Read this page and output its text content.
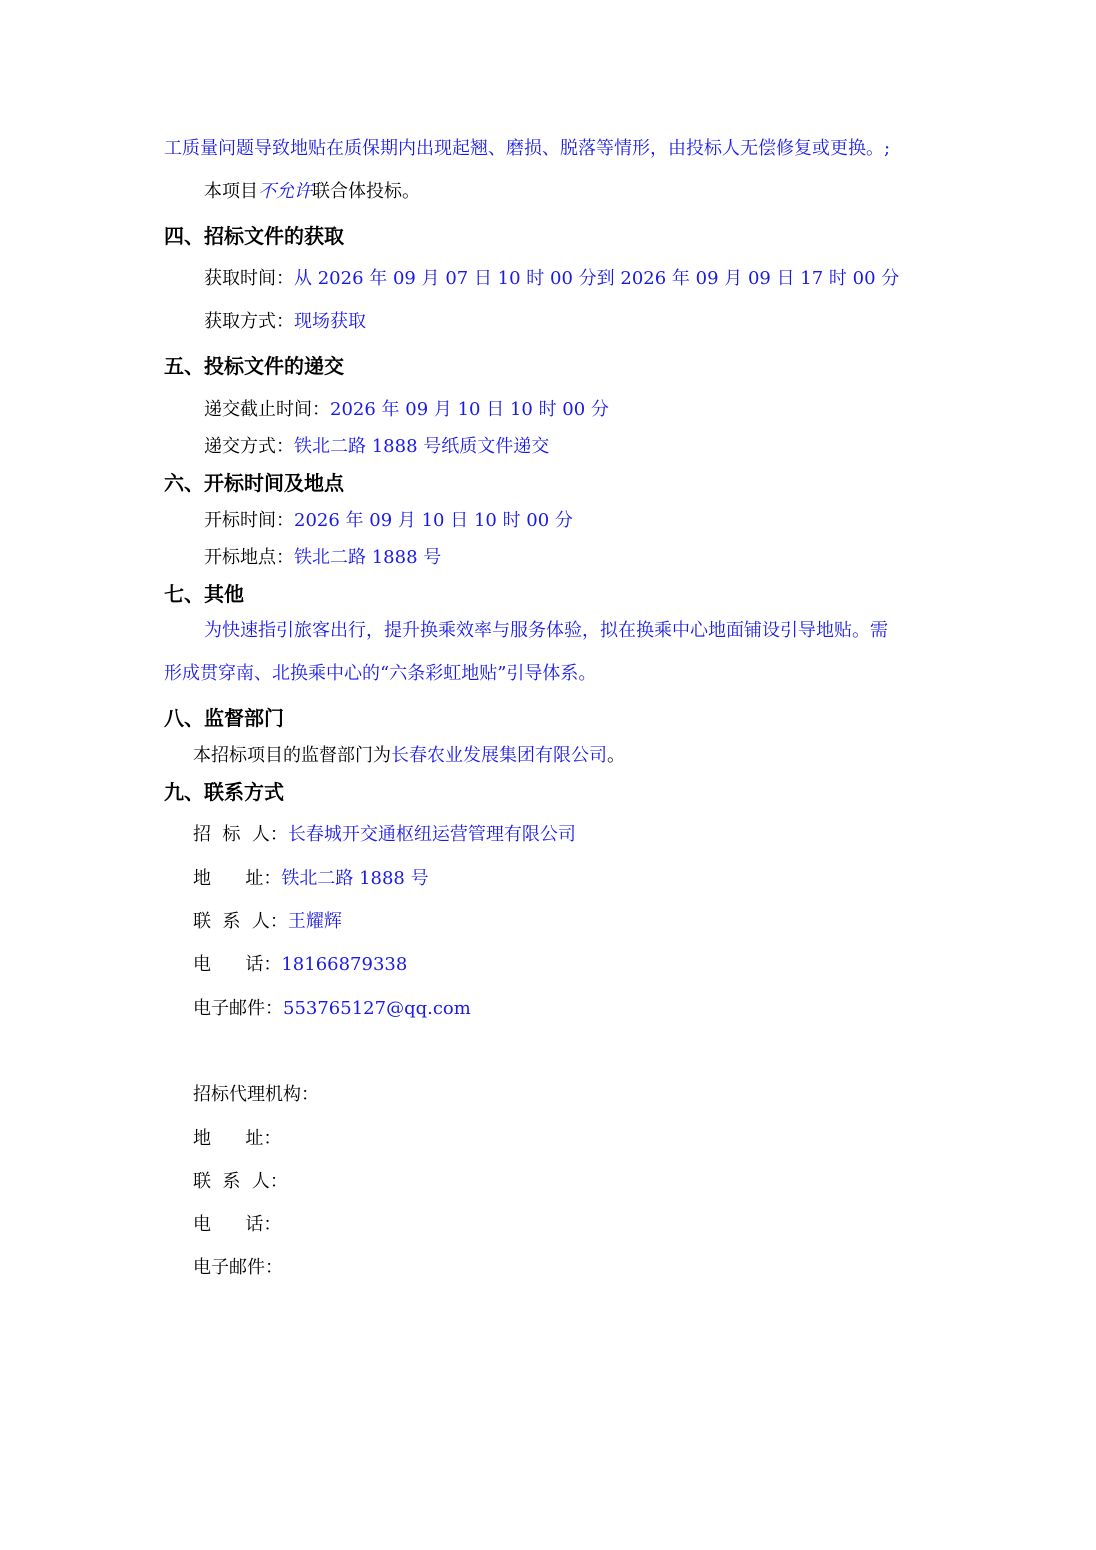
工质量问题导致地贴在质保期内出现起翘、磨损、脱落等情形，由投标人无偿修复或更换。;
本项目不允许联合体投标。
四、招标文件的获取
获取时间：从 2026 年 09 月 07 日 10 时 00 分到 2026 年 09 月 09 日 17 时 00 分
获取方式：现场获取
五、投标文件的递交
递交截止时间：2026 年 09 月 10 日 10 时 00 分
递交方式：铁北二路 1888 号纸质文件递交
六、开标时间及地点
开标时间：2026 年 09 月 10 日 10 时 00 分
开标地点：铁北二路 1888 号
七、其他
为快速指引旅客出行，提升换乘效率与服务体验，拟在换乘中心地面铺设引导地贴。需
形成贯穿南、北换乘中心的“六条彩虹地贴”引导体系。
八、监督部门
本招标项目的监督部门为长春农业发展集团有限公司。
九、联系方式
招  标  人：长春城开交通枢纽运营管理有限公司
地      址：铁北二路 1888 号
联  系  人：王耀辉
电      话：18166879338
电子邮件：553765127@qq.com
招标代理机构：
地      址：
联  系  人：
电      话：
电子邮件：
